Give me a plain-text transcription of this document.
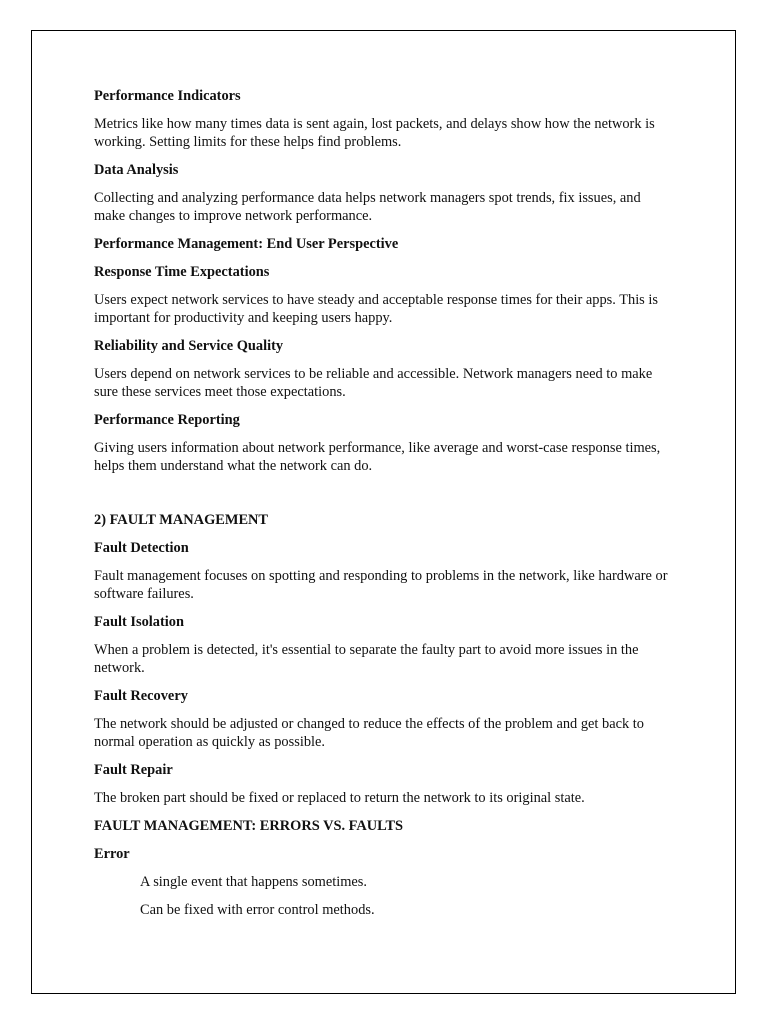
Performance Indicators
Metrics like how many times data is sent again, lost packets, and delays show how the network is working. Setting limits for these helps find problems.
Data Analysis
Collecting and analyzing performance data helps network managers spot trends, fix issues, and make changes to improve network performance.
Performance Management: End User Perspective
Response Time Expectations
Users expect network services to have steady and acceptable response times for their apps. This is important for productivity and keeping users happy.
Reliability and Service Quality
Users depend on network services to be reliable and accessible. Network managers need to make sure these services meet those expectations.
Performance Reporting
Giving users information about network performance, like average and worst-case response times, helps them understand what the network can do.
2) FAULT MANAGEMENT
Fault Detection
Fault management focuses on spotting and responding to problems in the network, like hardware or software failures.
Fault Isolation
When a problem is detected, it's essential to separate the faulty part to avoid more issues in the network.
Fault Recovery
The network should be adjusted or changed to reduce the effects of the problem and get back to normal operation as quickly as possible.
Fault Repair
The broken part should be fixed or replaced to return the network to its original state.
FAULT MANAGEMENT: ERRORS VS. FAULTS
Error
A single event that happens sometimes.
Can be fixed with error control methods.
